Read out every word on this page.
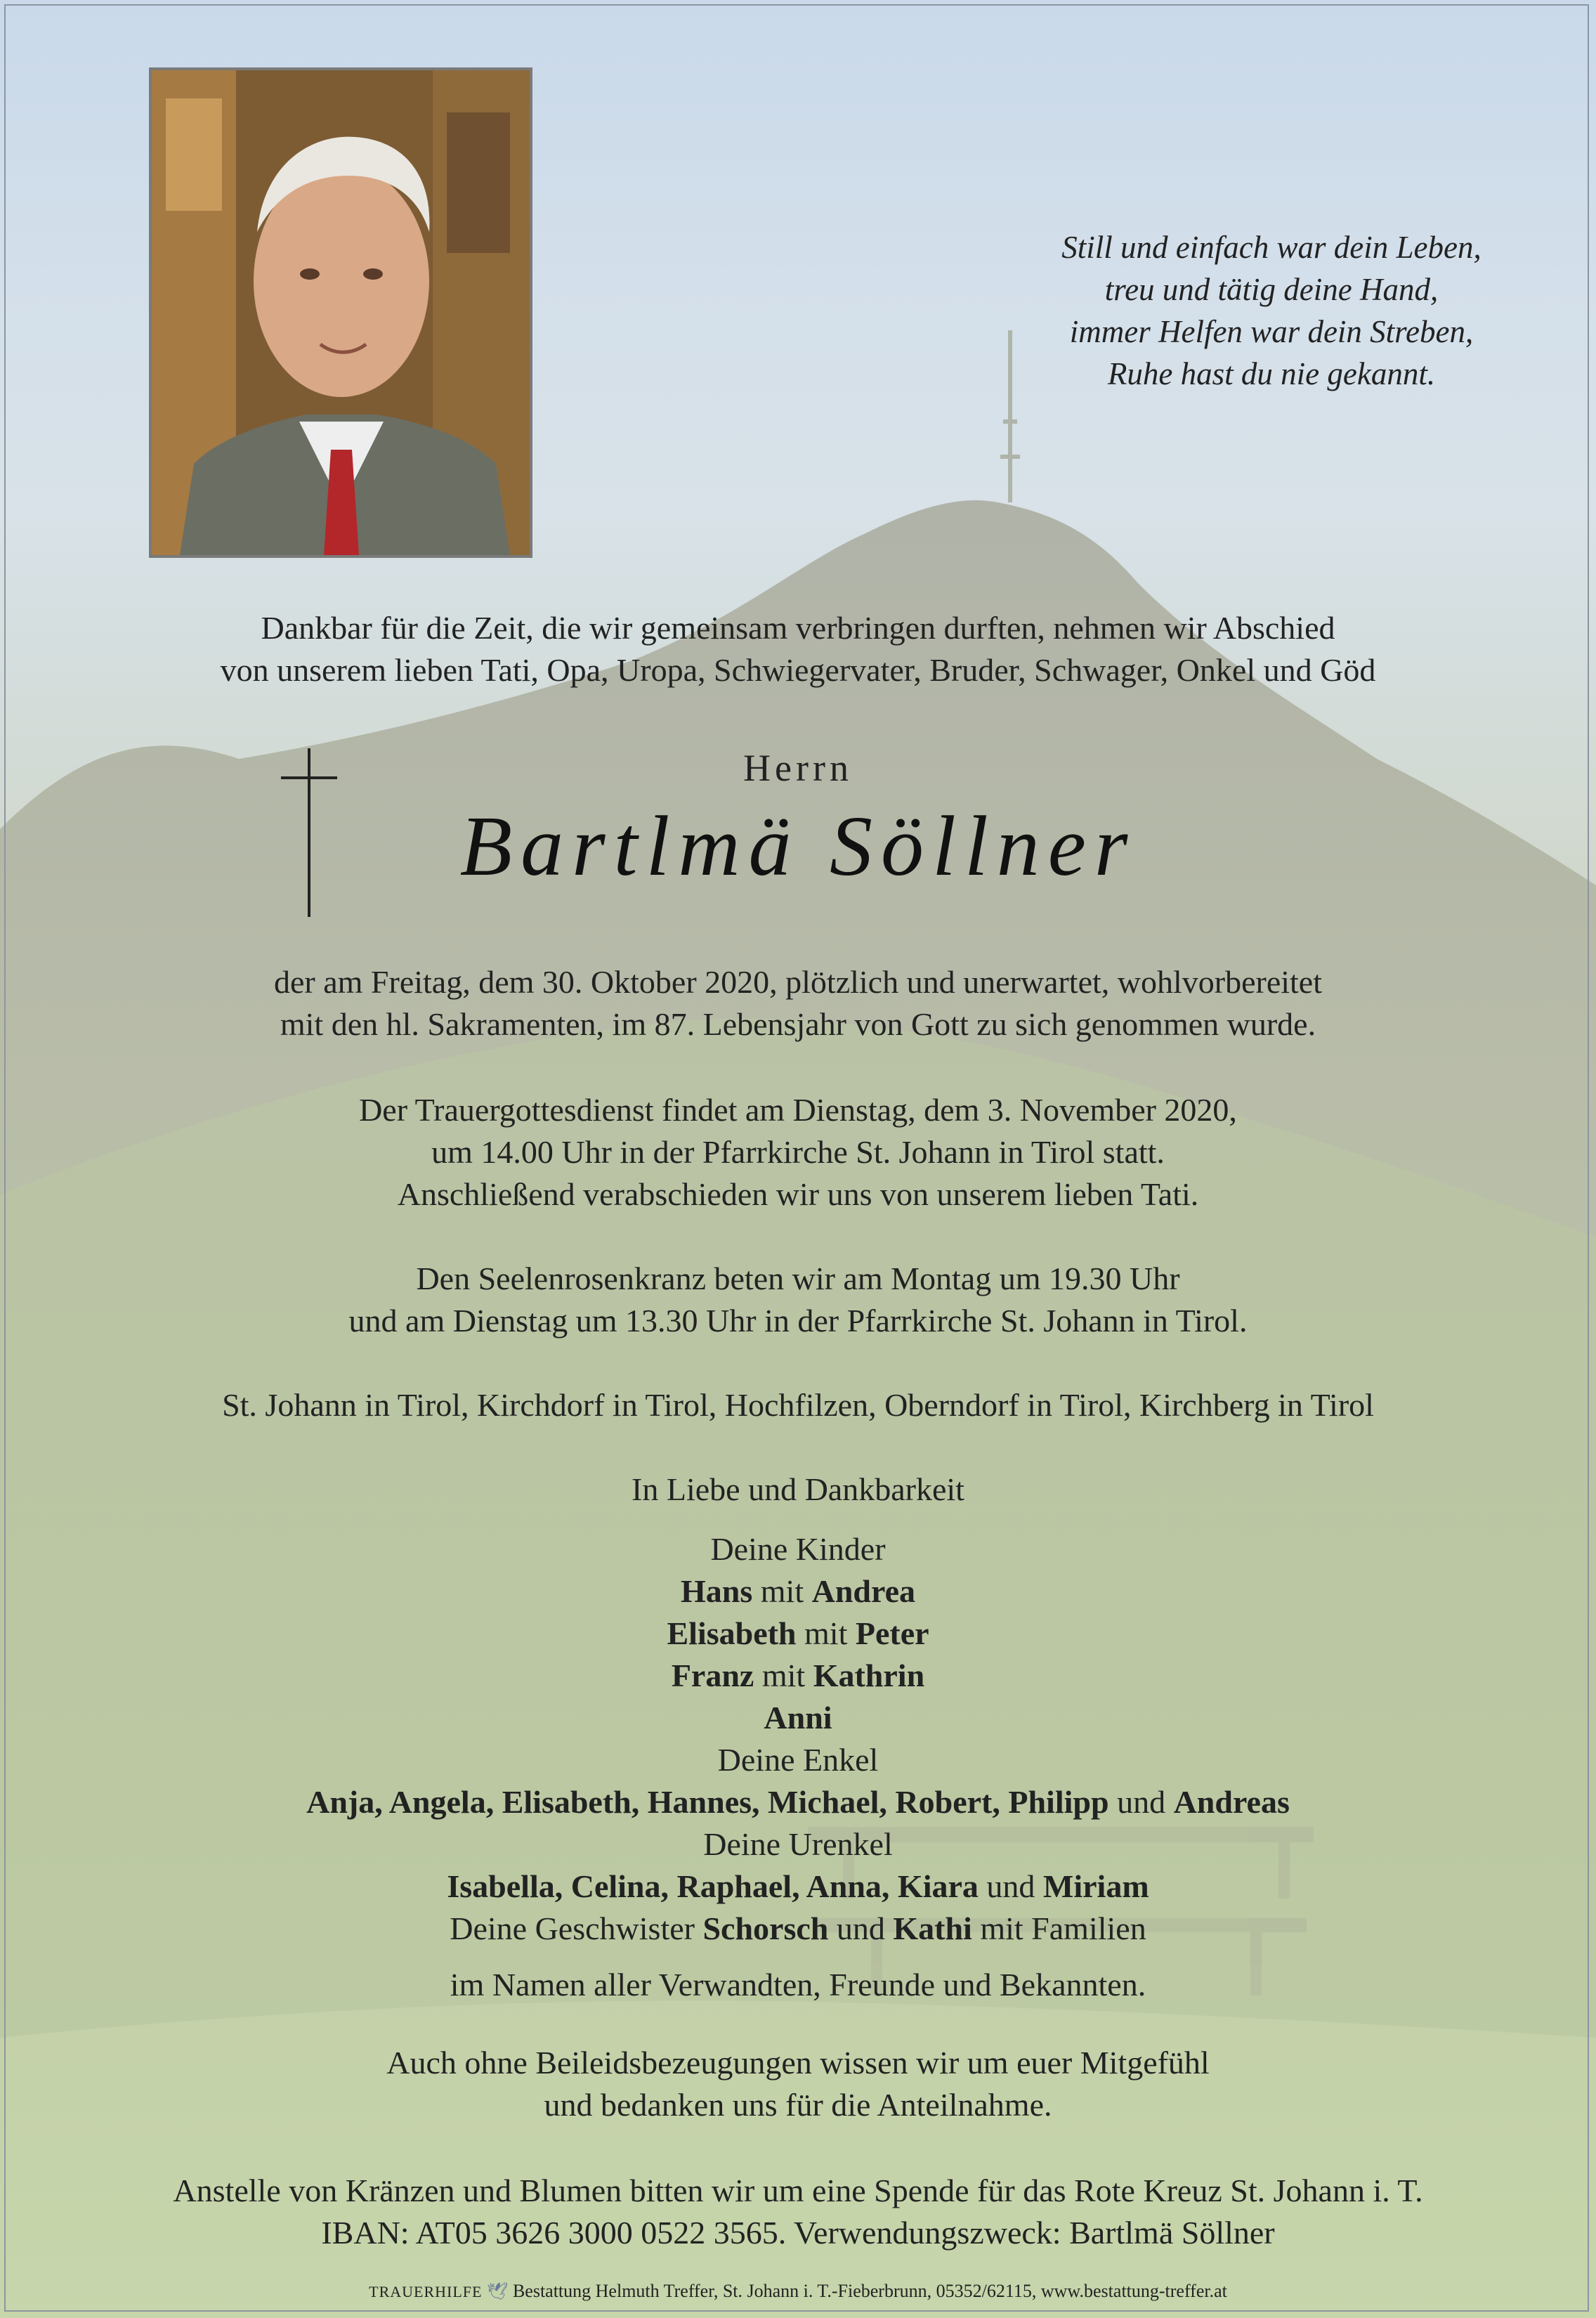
Still und einfach war dein Leben,
treu und tätig deine Hand,
immer Helfen war dein Streben,
Ruhe hast du nie gekannt.
Dankbar für die Zeit, die wir gemeinsam verbringen durften, nehmen wir Abschied
von unserem lieben Tati, Opa, Uropa, Schwiegervater, Bruder, Schwager, Onkel und Göd
Herrn
Bartlmä Söllner
der am Freitag, dem 30. Oktober 2020, plötzlich und unerwartet, wohlvorbereitet
mit den hl. Sakramenten, im 87. Lebensjahr von Gott zu sich genommen wurde.
Der Trauergottesdienst findet am Dienstag, dem 3. November 2020,
um 14.00 Uhr in der Pfarrkirche St. Johann in Tirol statt.
Anschließend verabschieden wir uns von unserem lieben Tati.
Den Seelenrosenkranz beten wir am Montag um 19.30 Uhr
und am Dienstag um 13.30 Uhr in der Pfarrkirche St. Johann in Tirol.
St. Johann in Tirol, Kirchdorf in Tirol, Hochfilzen, Oberndorf in Tirol, Kirchberg in Tirol
In Liebe und Dankbarkeit
Deine Kinder
Hans mit Andrea
Elisabeth mit Peter
Franz mit Kathrin
Anni
Deine Enkel
Anja, Angela, Elisabeth, Hannes, Michael, Robert, Philipp und Andreas
Deine Urenkel
Isabella, Celina, Raphael, Anna, Kiara und Miriam
Deine Geschwister Schorsch und Kathi mit Familien
im Namen aller Verwandten, Freunde und Bekannten.
Auch ohne Beileidsbezeugungen wissen wir um euer Mitgefühl
und bedanken uns für die Anteilnahme.
Anstelle von Kränzen und Blumen bitten wir um eine Spende für das Rote Kreuz St. Johann i. T.
IBAN: AT05 3626 3000 0522 3565. Verwendungszweck: Bartlmä Söllner
TRAUERHILFE 🕊 Bestattung Helmuth Treffer, St. Johann i. T.-Fieberbrunn, 05352/62115, www.bestattung-treffer.at
